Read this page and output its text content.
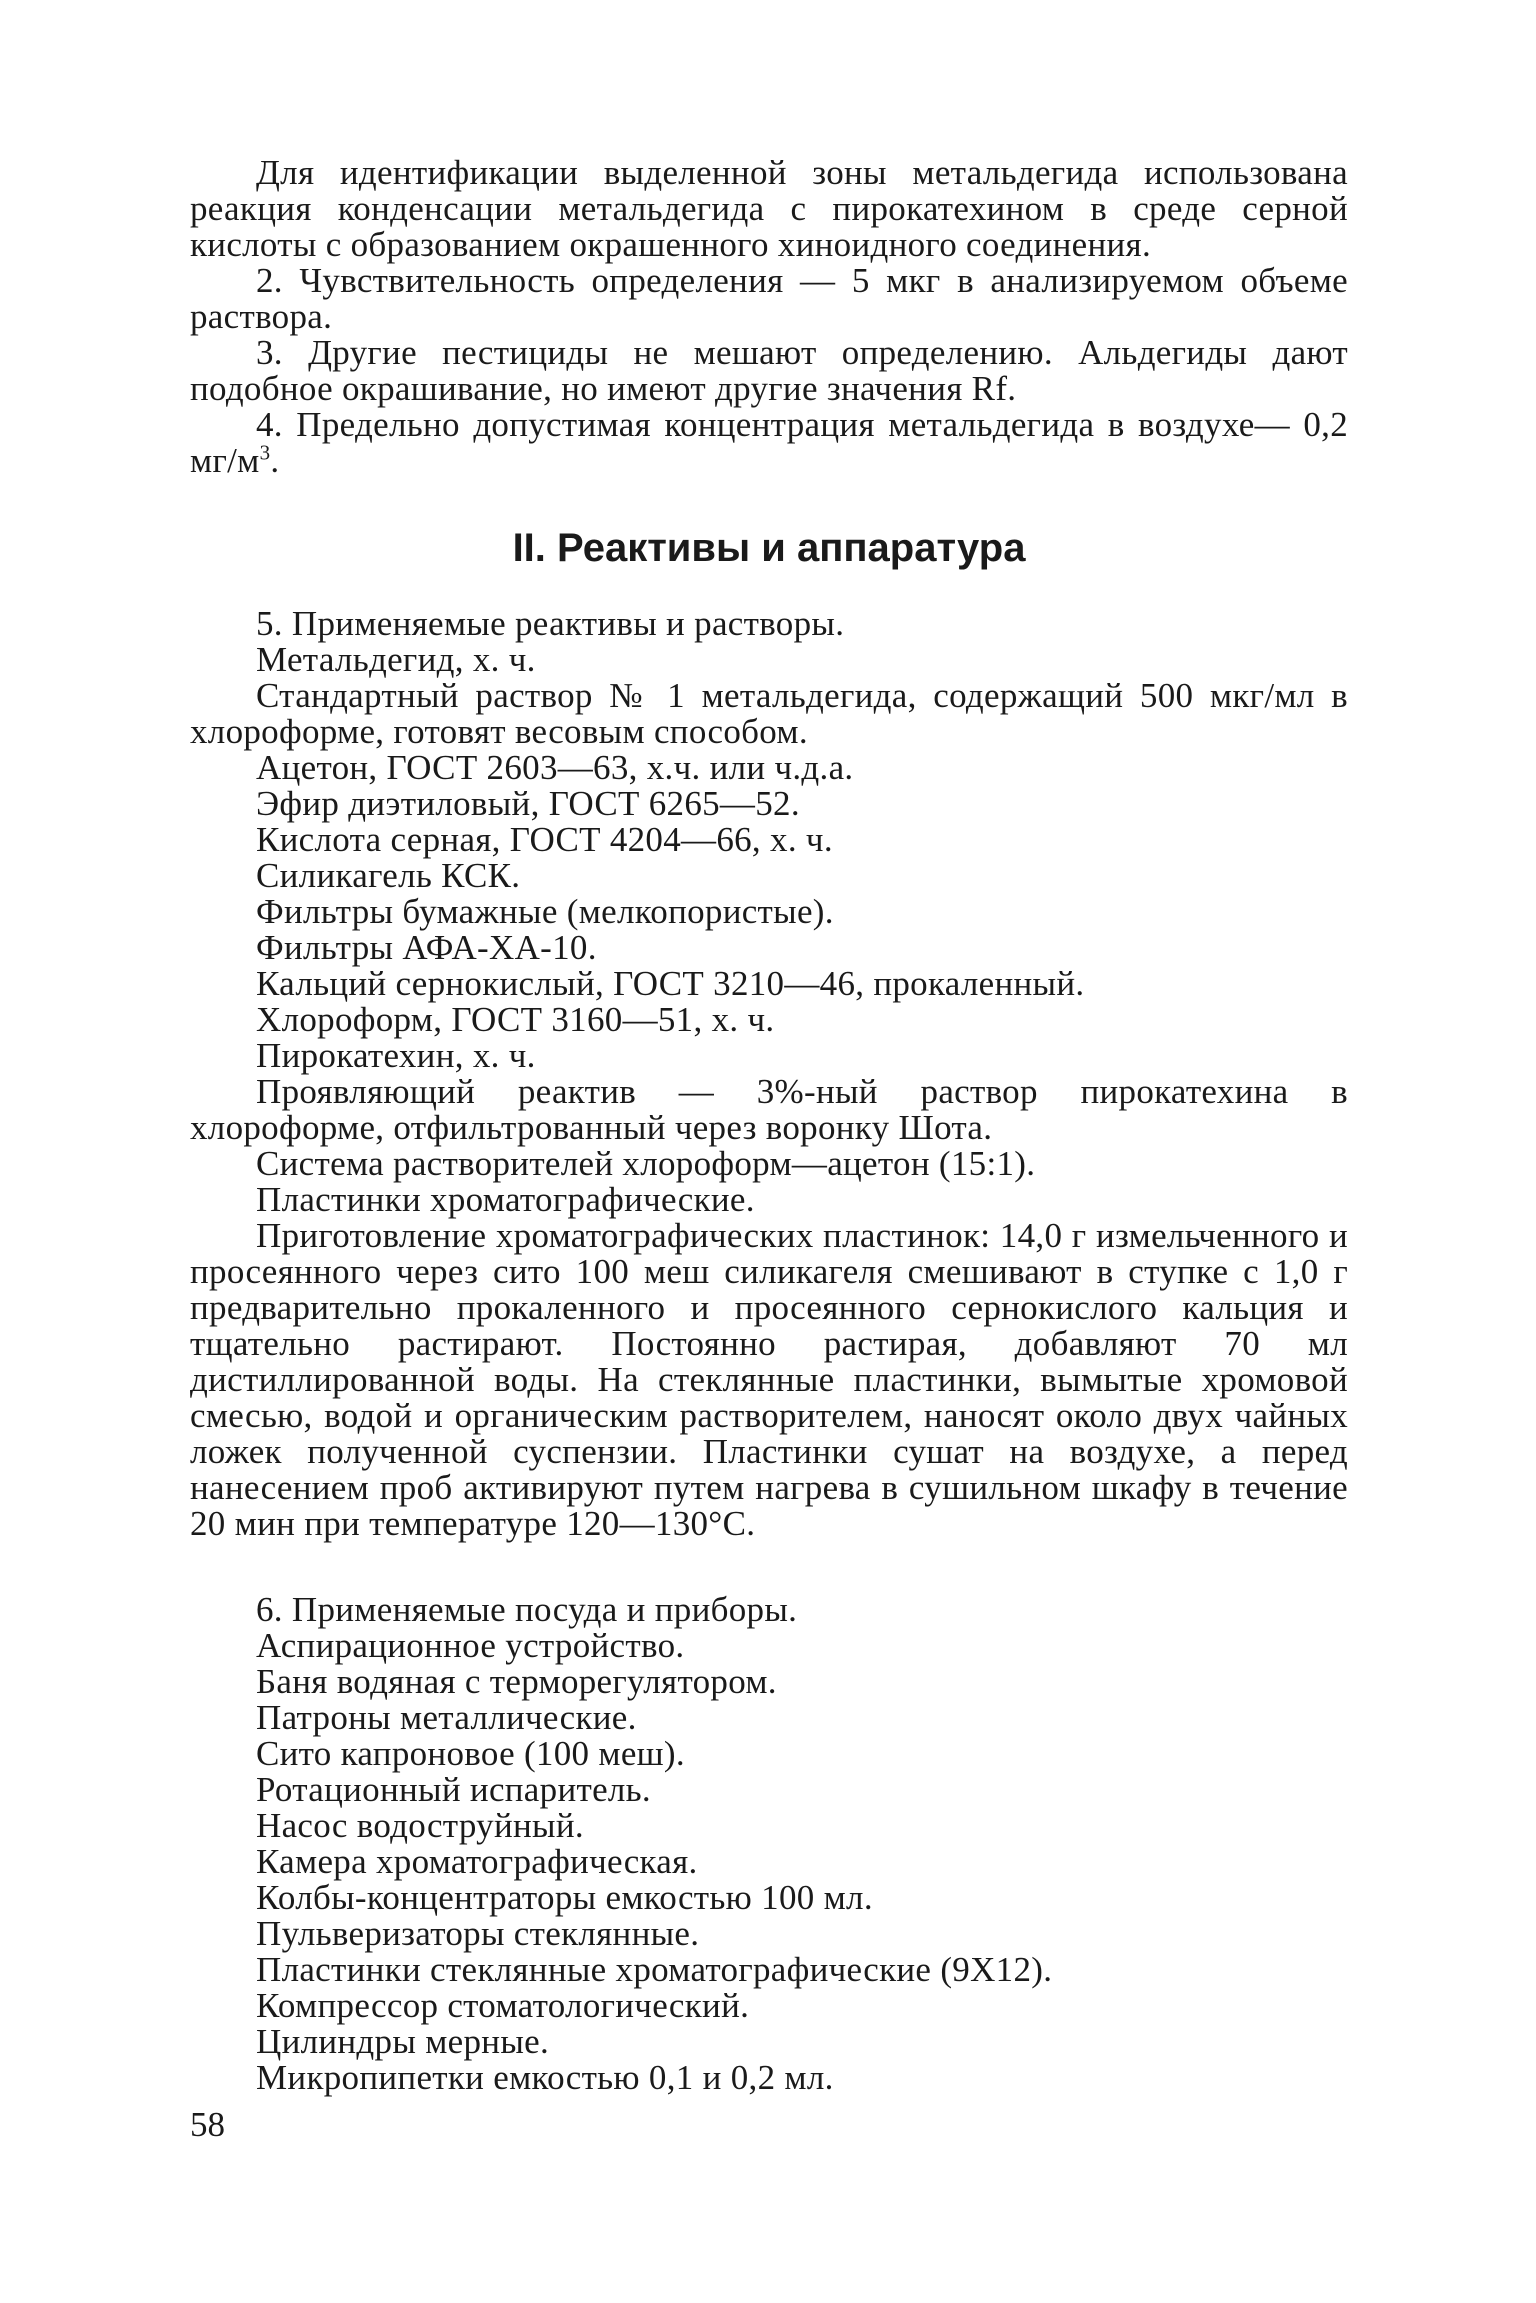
Для идентификации выделенной зоны метальдегида использована реакция конденсации метальдегида с пирокатехином в среде серной кислоты с образованием окрашенного хиноидного соединения.

2. Чувствительность определения — 5 мкг в анализируемом объеме раствора.

3. Другие пестициды не мешают определению. Альдегиды дают подобное окрашивание, но имеют другие значения Rf.

4. Предельно допустимая концентрация метальдегида в воздухе— 0,2 $мг/м^3$.

II. Реактивы и аппаратура

5. Применяемые реактивы и растворы.

Метальдегид, х. ч.

Стандартный раствор № 1 метальдегида, содержащий 500 мкг/мл в хлороформе, готовят весовым способом.

Ацетон, ГОСТ 2603—63, х.ч. или ч.д.а.

Эфир диэтиловый, ГОСТ 6265—52.

Кислота серная, ГОСТ 4204—66, х. ч.

Силикагель КСК.

Фильтры бумажные (мелкопористые).

Фильтры АФА-ХА-10.

Кальций сернокислый, ГОСТ 3210—46, прокаленный.

Хлороформ, ГОСТ 3160—51, х. ч.

Пирокатехин, х. ч.

Проявляющий реактив — 3%-ный раствор пирокатехина в хлороформе, отфильтрованный через воронку Шота.

Система растворителей хлороформ—ацетон (15:1).

Пластинки хроматографические.

Приготовление хроматографических пластинок: 14,0 г измельченного и просеянного через сито 100 меш силикагеля смешивают в ступке с 1,0 г предварительно прокаленного и просеянного сернокислого кальция и тщательно растирают. Постоянно растирая, добавляют 70 мл дистиллированной воды. На стеклянные пластинки, вымытые хромовой смесью, водой и органическим растворителем, наносят около двух чайных ложек полученной суспензии. Пластинки сушат на воздухе, а перед нанесением проб активируют путем нагрева в сушильном шкафу в течение 20 мин при температуре 120—130°С.

6. Применяемые посуда и приборы.

Аспирационное устройство.

Баня водяная с терморегулятором.

Патроны металлические.

Сито капроновое (100 меш).

Ротационный испаритель.

Насос водоструйный.

Камера хроматографическая.

Колбы-концентраторы емкостью 100 мл.

Пульверизаторы стеклянные.

Пластинки стеклянные хроматографические (9Х12).

Компрессор стоматологический.

Цилиндры мерные.

Микропипетки емкостью 0,1 и 0,2 мл.

58
